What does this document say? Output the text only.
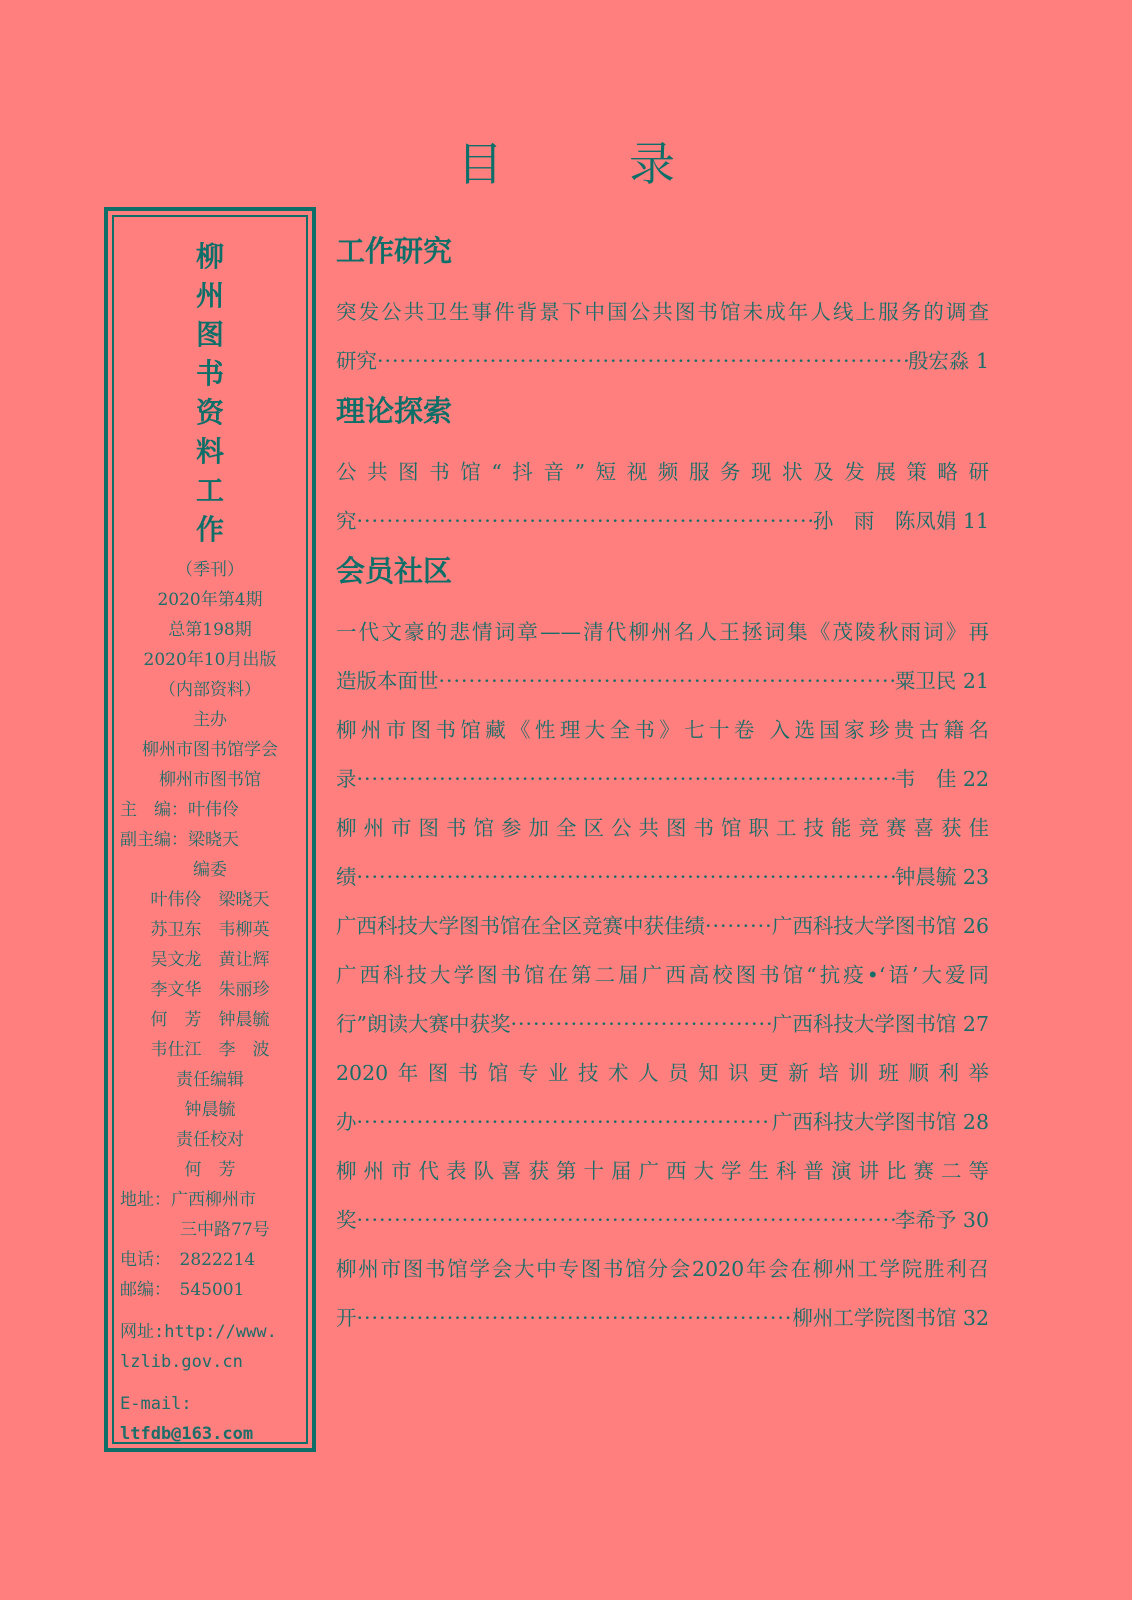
目　录
柳
州
图
书
资
料
工
作
（季刊）
2020年第4期
总第198期
2020年10月出版
（内部资料）
主办
柳州市图书馆学会
柳州市图书馆
主　编：叶伟伶
副主编：梁晓天
编委
叶伟伶　梁晓天
苏卫东　韦柳英
吴文龙　黄让辉
李文华　朱丽珍
何　芳　钟晨毓
韦仕江　李　波
责任编辑
钟晨毓
责任校对
何　芳
地址：广西柳州市
三中路77号
电话：　2822214
邮编：　545001
网址:http://www.
lzlib.gov.cn
E-mail:
ltfdb@163.com
工作研究
突发公共卫生事件背景下中国公共图书馆未成年人线上服务的调查
研究 ·····	殷宏淼 1
理论探索
公共图书馆“抖音”短视频服务现状及发展策略研
究 ·····	孙　雨　陈凤娟 11
会员社区
一代文豪的悲情词章——清代柳州名人王拯词集《茂陵秋雨词》再
造版本面世 ·····	粟卫民 21
柳州市图书馆藏《性理大全书》七十卷 入选国家珍贵古籍名
录 ·····	韦　佳 22
柳州市图书馆参加全区公共图书馆职工技能竞赛喜获佳
绩 ·····	钟晨毓 23
广西科技大学图书馆在全区竞赛中获佳绩 ·····	广西科技大学图书馆 26
广西科技大学图书馆在第二届广西高校图书馆“抗疫•‘语’大爱同
行”朗读大赛中获奖 ·····	广西科技大学图书馆 27
2020年图书馆专业技术人员知识更新培训班顺利举
办 ·····	广西科技大学图书馆 28
柳州市代表队喜获第十届广西大学生科普演讲比赛二等
奖 ·····	李希予 30
柳州市图书馆学会大中专图书馆分会2020年会在柳州工学院胜利召
开 ·····	柳州工学院图书馆 32
